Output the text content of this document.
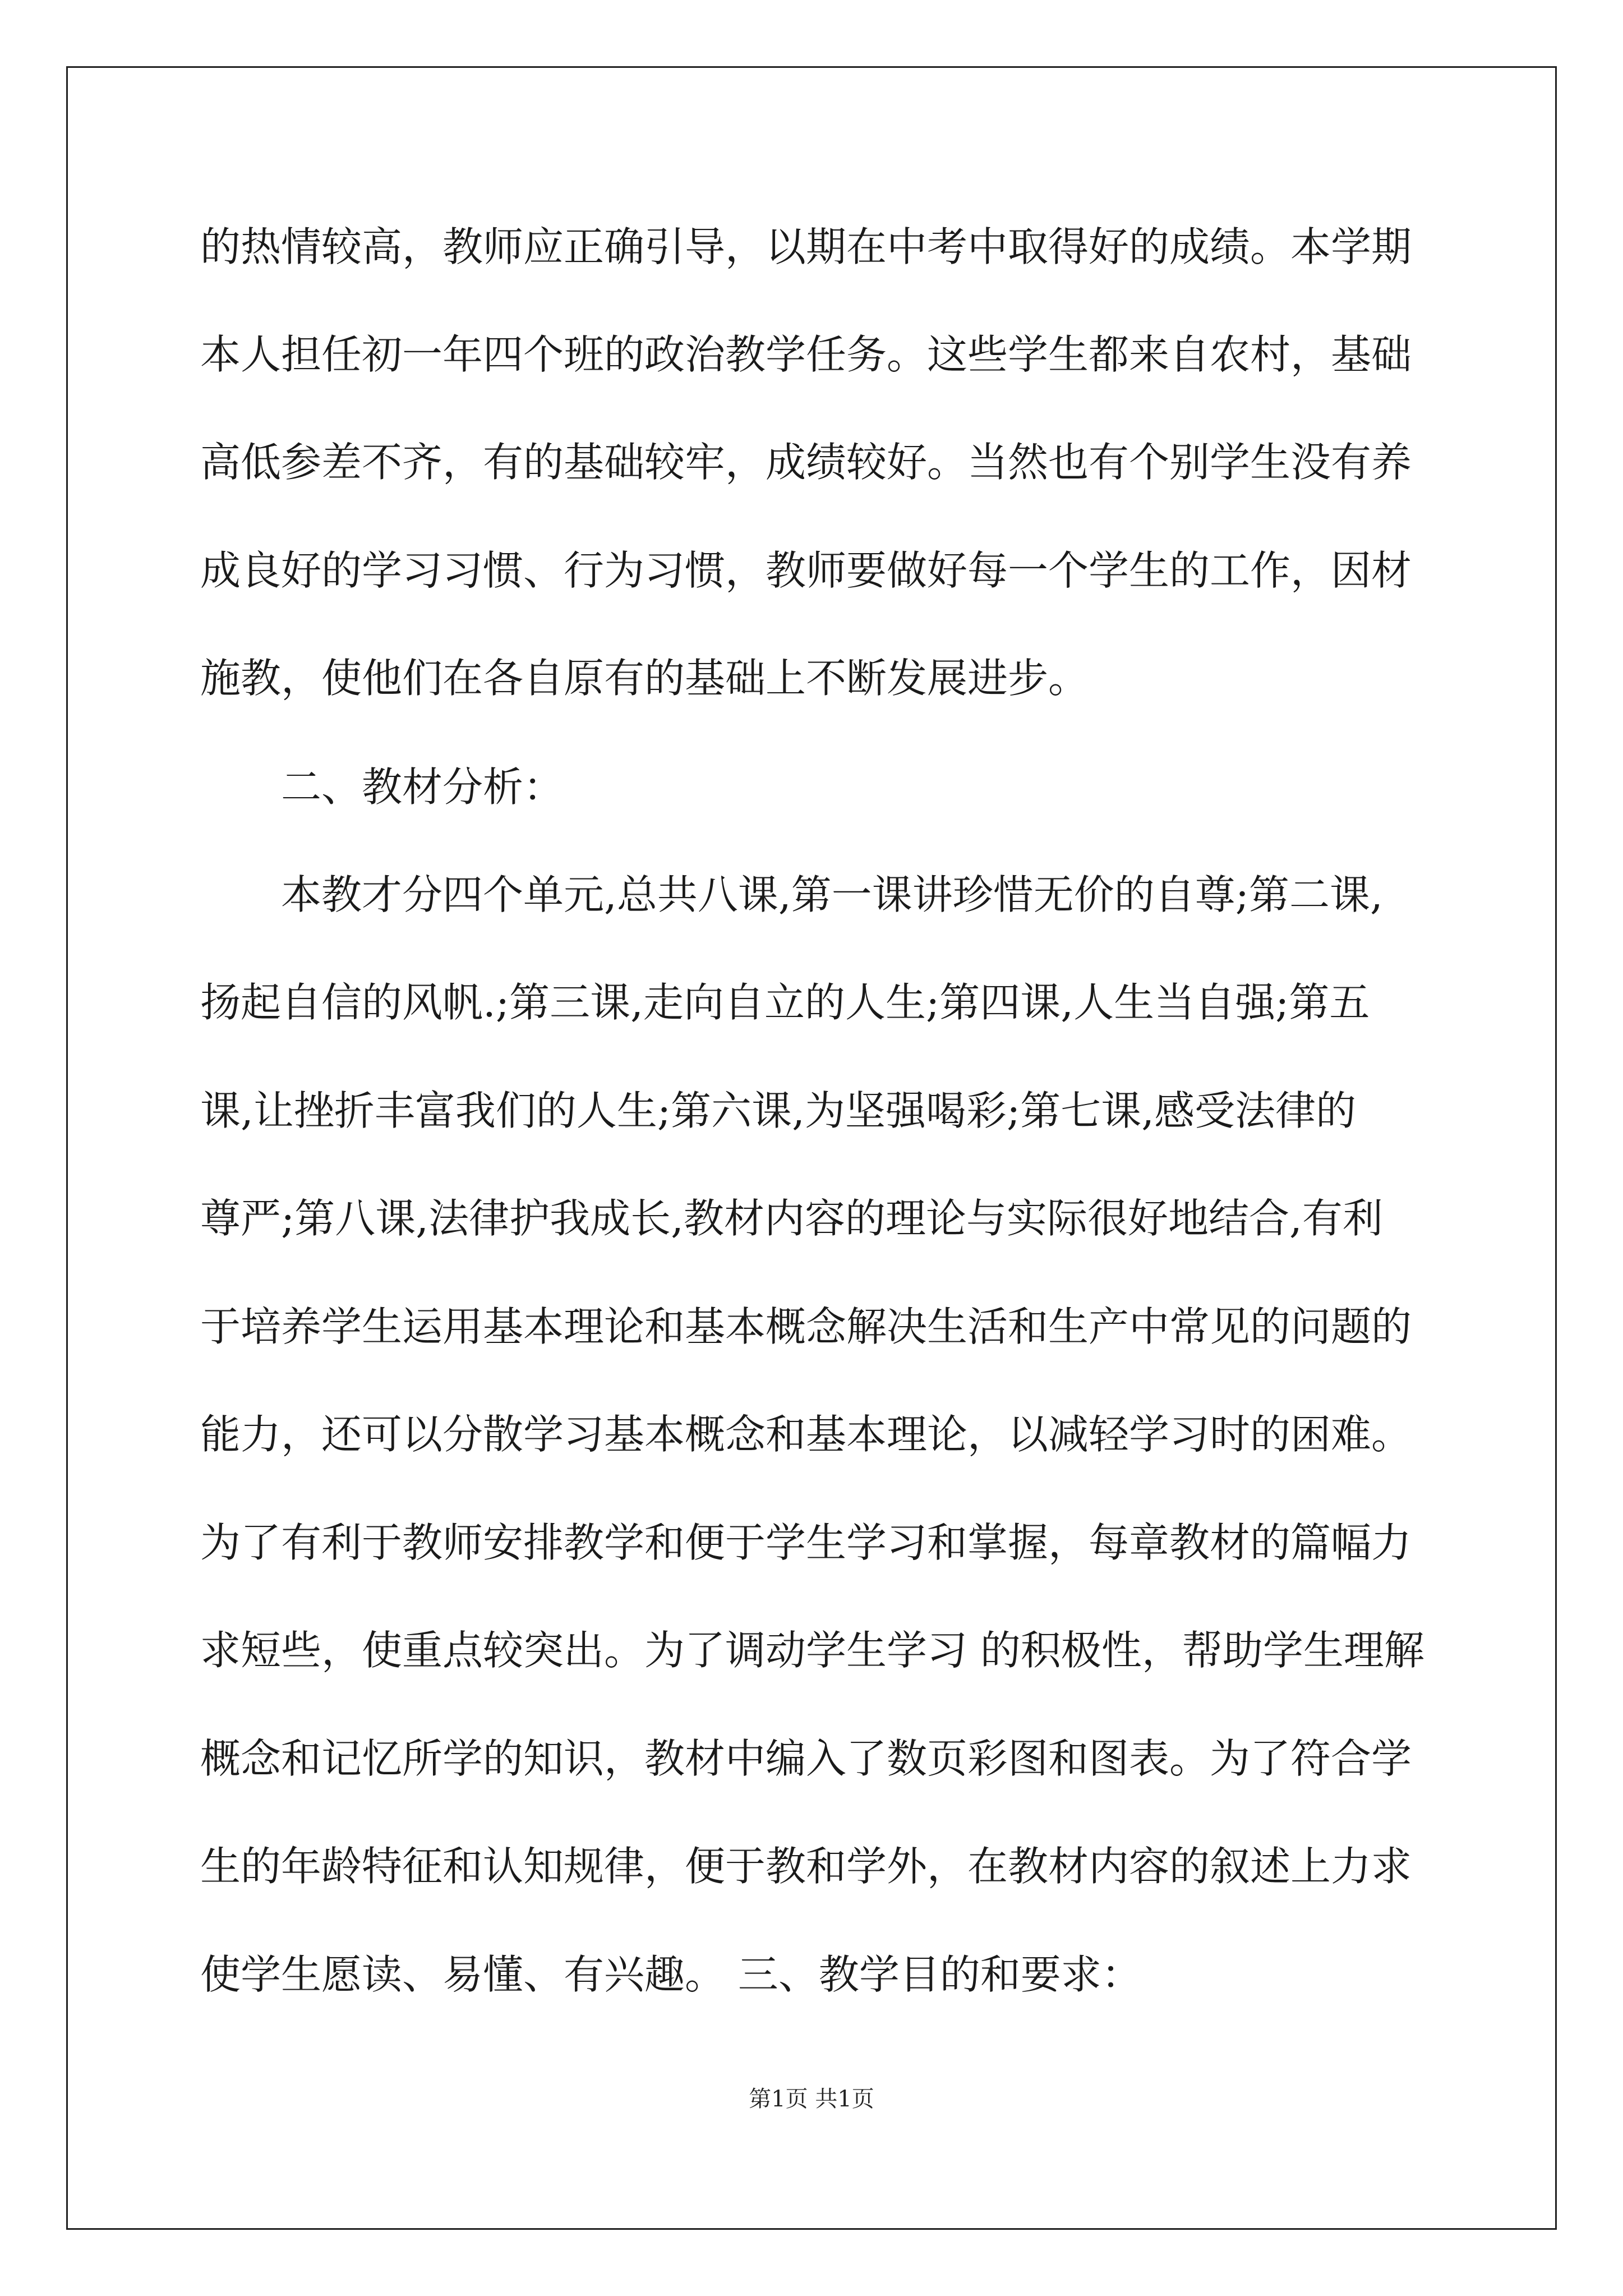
的热情较高，教师应正确引导，以期在中考中取得好的成绩。本学期
本人担任初一年四个班的政治教学任务。这些学生都来自农村，基础
高低参差不齐，有的基础较牢，成绩较好。当然也有个别学生没有养
成良好的学习习惯、行为习惯，教师要做好每一个学生的工作，因材
施教，使他们在各自原有的基础上不断发展进步。
二、教材分析：
本教才分四个单元,总共八课,第一课讲珍惜无价的自尊;第二课,
扬起自信的风帆.;第三课,走向自立的人生;第四课,人生当自强;第五
课,让挫折丰富我们的人生;第六课,为坚强喝彩;第七课,感受法律的
尊严;第八课,法律护我成长,教材内容的理论与实际很好地结合,有利
于培养学生运用基本理论和基本概念解决生活和生产中常见的问题的
能力，还可以分散学习基本概念和基本理论，以减轻学习时的困难。
为了有利于教师安排教学和便于学生学习和掌握，每章教材的篇幅力
求短些，使重点较突出。为了调动学生学习 的积极性，帮助学生理解
概念和记忆所学的知识，教材中编入了数页彩图和图表。为了符合学
生的年龄特征和认知规律，便于教和学外，在教材内容的叙述上力求
使学生愿读、易懂、有兴趣。 三、教学目的和要求：
第1页 共1页
